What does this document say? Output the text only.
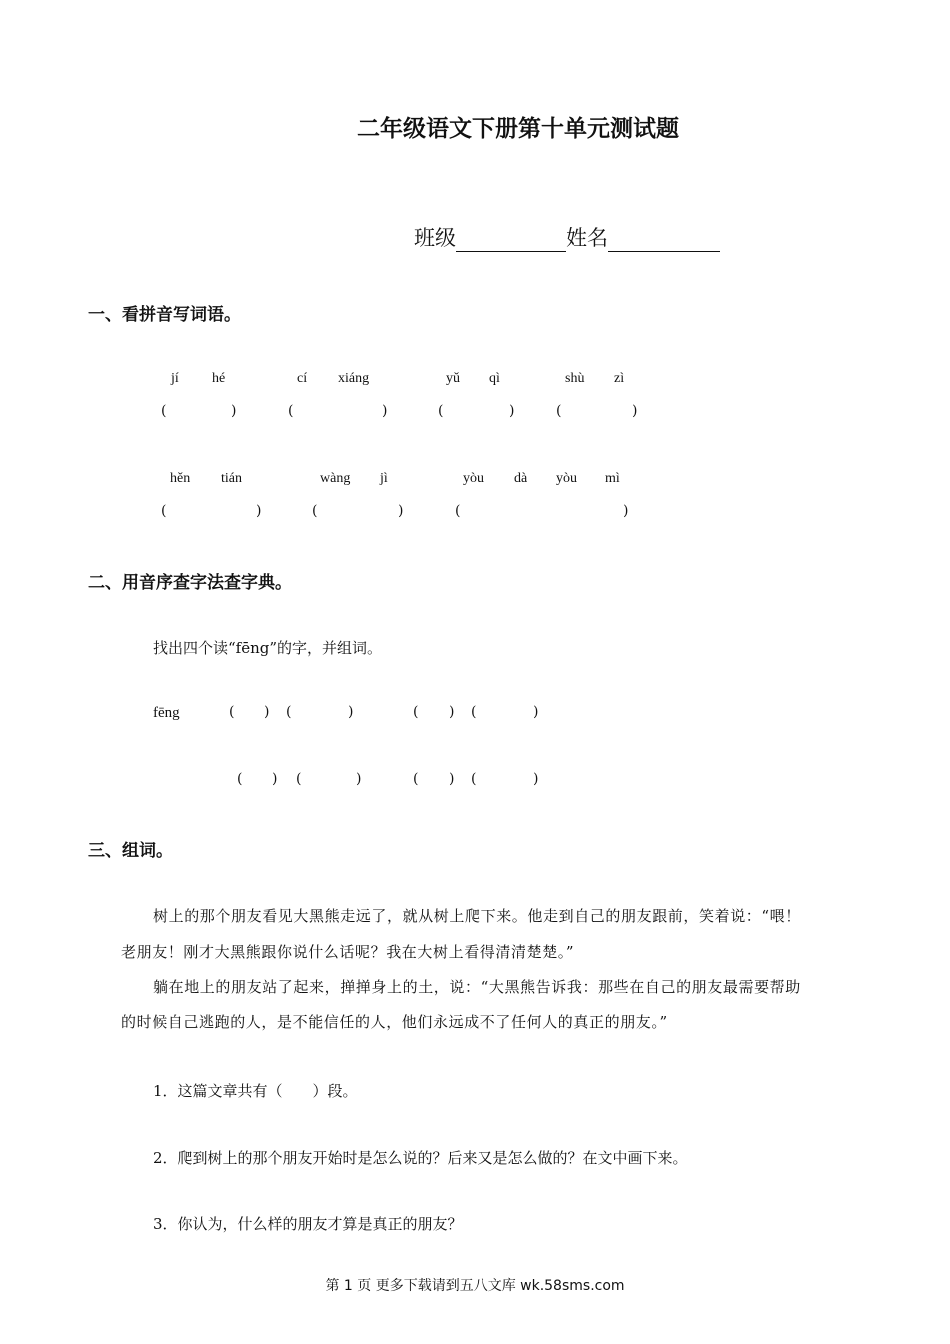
二年级语文下册第十单元测试题
班级	姓名
一、看拼音写词语。
jí hé	cí xiáng	yǔ qì	shù zì
(	)	(	)	(	)	(	)
hěn tián	wàng jì	yòu dà yòu mì
(	)	(	)	(	)
二、用音序查字法查字典。
找出四个读“fēng”的字，并组词。
fēng	( ) (	)	( ) (	)
( ) (	)	( ) (	)
三、组词。
树上的那个朋友看见大黑熊走远了，就从树上爬下来。他走到自己的朋友跟前，笑着说：“喂！
老朋友！刚才大黑熊跟你说什么话呢？我在大树上看得清清楚楚。”
躺在地上的朋友站了起来，掸掸身上的土，说：“大黑熊告诉我：那些在自己的朋友最需要帮助
的时候自己逃跑的人，是不能信任的人，他们永远成不了任何人的真正的朋友。”
1．这篇文章共有（　　）段。
2．爬到树上的那个朋友开始时是怎么说的？后来又是怎么做的？在文中画下来。
3．你认为，什么样的朋友才算是真正的朋友？
第 1 页 更多下载请到五八文库 wk.58sms.com
